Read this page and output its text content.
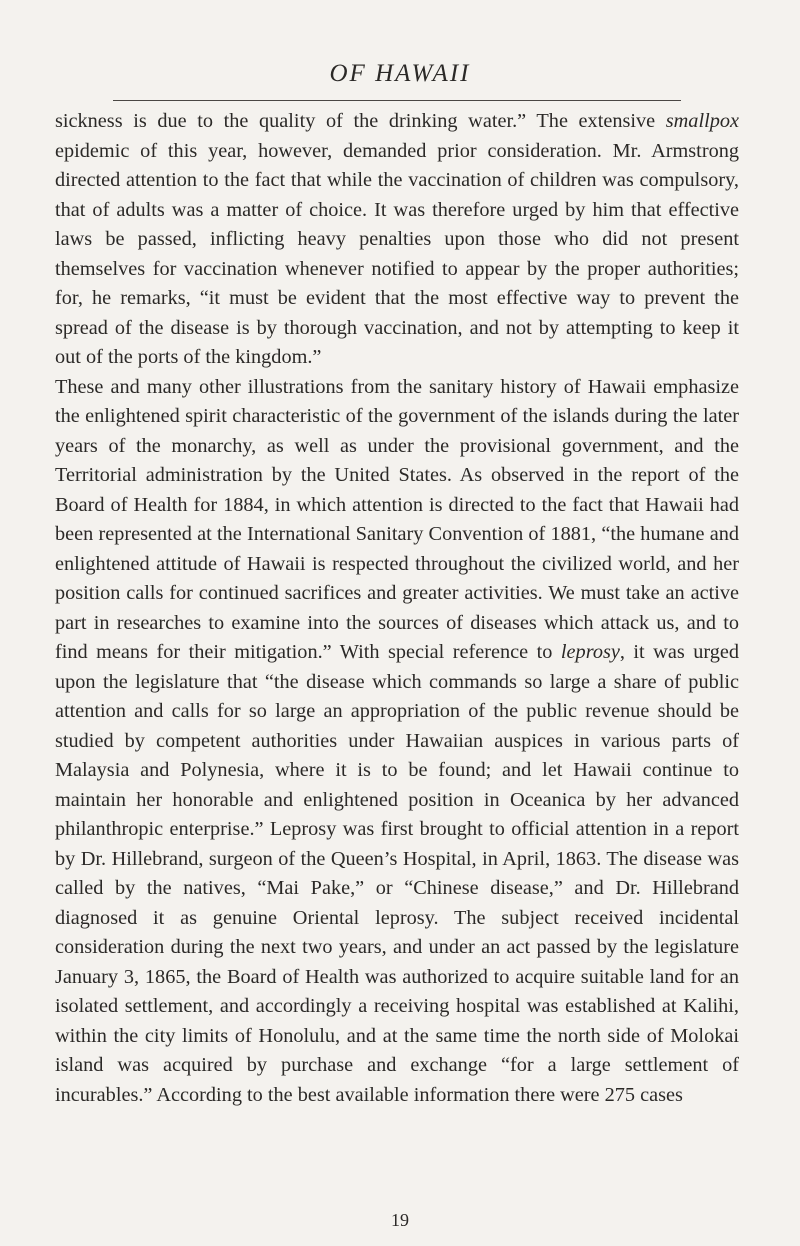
OF HAWAII

sickness is due to the quality of the drinking water.” The extensive smallpox epidemic of this year, however, demanded prior consideration. Mr. Armstrong directed attention to the fact that while the vaccination of children was compulsory, that of adults was a matter of choice. It was therefore urged by him that effective laws be passed, inflicting heavy penalties upon those who did not present themselves for vaccination whenever notified to appear by the proper authorities; for, he remarks, “it must be evident that the most effective way to prevent the spread of the disease is by thorough vaccination, and not by attempting to keep it out of the ports of the kingdom.”

These and many other illustrations from the sanitary history of Hawaii emphasize the enlightened spirit characteristic of the government of the islands during the later years of the monarchy, as well as under the provisional government, and the Territorial administration by the United States. As observed in the report of the Board of Health for 1884, in which attention is directed to the fact that Hawaii had been represented at the International Sanitary Convention of 1881, “the humane and enlightened attitude of Hawaii is respected throughout the civilized world, and her position calls for continued sacrifices and greater activities. We must take an active part in researches to examine into the sources of diseases which attack us, and to find means for their mitigation.” With special reference to leprosy, it was urged upon the legislature that “the disease which commands so large a share of public attention and calls for so large an appropriation of the public revenue should be studied by competent authorities under Hawaiian auspices in various parts of Malaysia and Polynesia, where it is to be found; and let Hawaii continue to maintain her honorable and enlightened position in Oceanica by her advanced philanthropic enterprise.” Leprosy was first brought to official attention in a report by Dr. Hillebrand, surgeon of the Queen’s Hospital, in April, 1863. The disease was called by the natives, “Mai Pake,” or “Chinese disease,” and Dr. Hillebrand diagnosed it as genuine Oriental leprosy. The subject received incidental consideration during the next two years, and under an act passed by the legislature January 3, 1865, the Board of Health was authorized to acquire suitable land for an isolated settlement, and accordingly a receiving hospital was established at Kalihi, within the city limits of Honolulu, and at the same time the north side of Molokai island was acquired by purchase and exchange “for a large settlement of incurables.” According to the best available information there were 275 cases

19
